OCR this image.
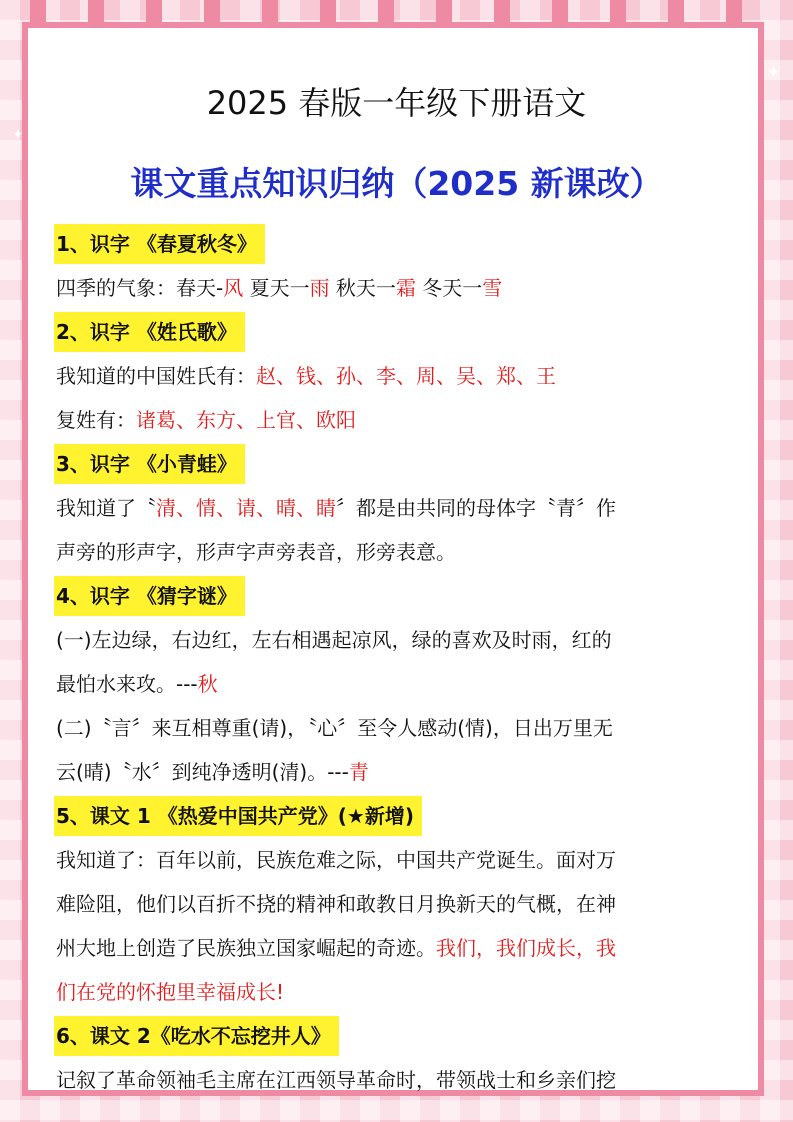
✦
✦
2025 春版一年级下册语文
课文重点知识归纳（2025 新课改）
1、识字 《春夏秋冬》
四季的气象：春天-风 夏天一雨 秋天一霜 冬天一雪
2、识字 《姓氏歌》
我知道的中国姓氏有：赵、钱、孙、李、周、吴、郑、王
复姓有：诸葛、东方、上官、欧阳
3、识字 《小青蛙》
我知道了〝清、情、请、晴、睛〞都是由共同的母体字〝青〞作
声旁的形声字，形声字声旁表音，形旁表意。
4、识字 《猜字谜》
(一)左边绿，右边红，左右相遇起凉风，绿的喜欢及时雨，红的
最怕水来攻。---秋
(二)〝言〞来互相尊重(请)，〝心〞至令人感动(情)，日出万里无
云(晴)〝水〞到纯净透明(清)。---青
5、课文 1 《热爱中国共产党》(★新增)
我知道了：百年以前，民族危难之际，中国共产党诞生。面对万
难险阻，他们以百折不挠的精神和敢教日月换新天的气概，在神
州大地上创造了民族独立国家崛起的奇迹。我们，我们成长，我
们在党的怀抱里幸福成长!
6、课文 2《吃水不忘挖井人》
记叙了革命领袖毛主席在江西领导革命时，带领战士和乡亲们挖
